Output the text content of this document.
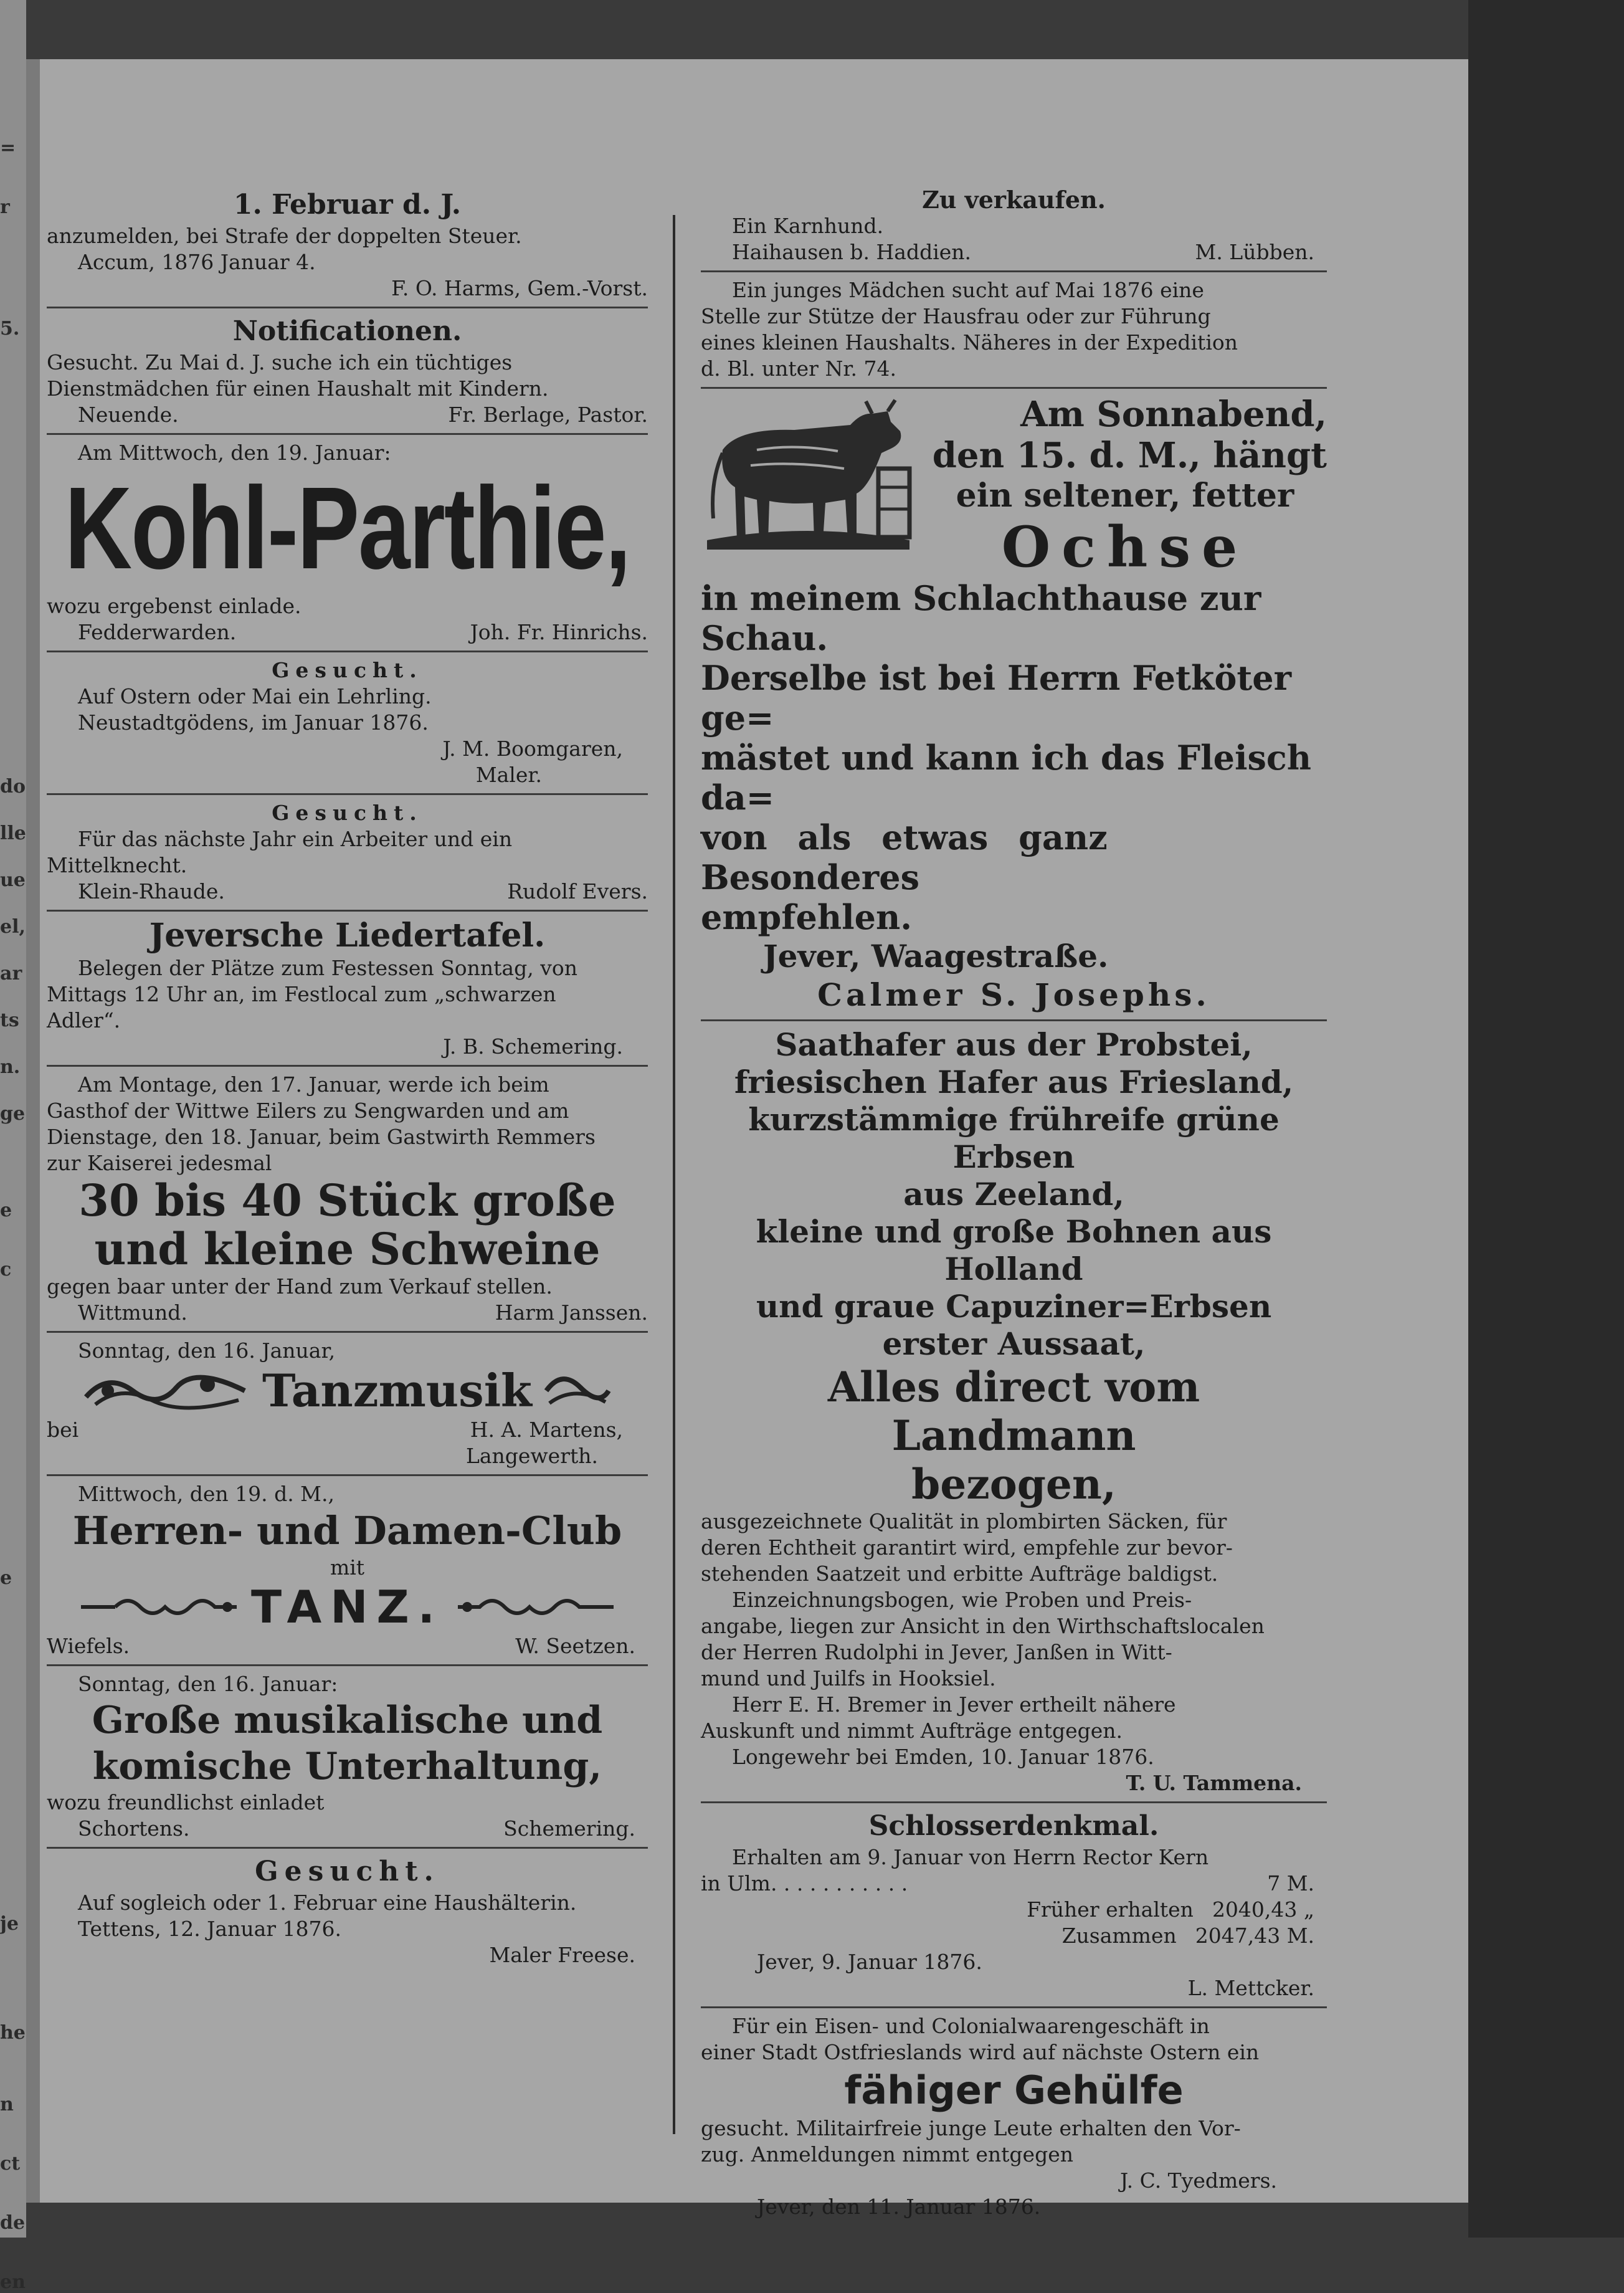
=
r
5.
do
lle
ue
el,
ar
ts
n.
ge
e
c
e
je
he
n
ct
de
en
1. Februar d. J.
anzumelden, bei Strafe der doppelten Steuer.
Accum, 1876 Januar 4.
F. O. Harms, Gem.-Vorst.
Notificationen.
Gesucht. Zu Mai d. J. suche ich ein tüchtiges
Dienstmädchen für einen Haushalt mit Kindern.
Neuende.	Fr. Berlage, Pastor.
Am Mittwoch, den 19. Januar:
Kohl-Parthie,
wozu ergebenst einlade.
Fedderwarden.	Joh. Fr. Hinrichs.
Gesucht.
Auf Ostern oder Mai ein Lehrling.
Neustadtgödens, im Januar 1876.
J. M. Boomgaren,
Maler.
Gesucht.
Für das nächste Jahr ein Arbeiter und ein
Mittelknecht.
Klein-Rhaude.	Rudolf Evers.
Jeversche Liedertafel.
Belegen der Plätze zum Festessen Sonntag, von
Mittags 12 Uhr an, im Festlocal zum „schwarzen
Adler“.
J. B. Schemering.
Am Montage, den 17. Januar, werde ich beim
Gasthof der Wittwe Eilers zu Sengwarden und am
Dienstage, den 18. Januar, beim Gastwirth Remmers
zur Kaiserei jedesmal
30 bis 40 Stück große
und kleine Schweine
gegen baar unter der Hand zum Verkauf stellen.
Wittmund.	Harm Janssen.
Sonntag, den 16. Januar,
Tanzmusik
bei	H. A. Martens,
Langewerth.
Mittwoch, den 19. d. M.,
Herren- und Damen-Club
mit
TANZ.
Wiefels.	W. Seetzen.
Sonntag, den 16. Januar:
Große musikalische und
komische Unterhaltung,
wozu freundlichst einladet
Schortens.	Schemering.
Gesucht.
Auf sogleich oder 1. Februar eine Haushälterin.
Tettens, 12. Januar 1876.
Maler Freese.
Zu verkaufen.
Ein Karnhund.
Haihausen b. Haddien.	M. Lübben.
Ein junges Mädchen sucht auf Mai 1876 eine
Stelle zur Stütze der Hausfrau oder zur Führung
eines kleinen Haushalts. Näheres in der Expedition
d. Bl. unter Nr. 74.
Am Sonnabend,
den 15. d. M., hängt
ein seltener, fetter
Ochse
in meinem Schlachthause zur Schau.
Derselbe ist bei Herrn Fetköter ge=
mästet und kann ich das Fleisch da=
von als etwas ganz Besonderes
empfehlen.
Jever, Waagestraße.
Calmer S. Josephs.
Saathafer aus der Probstei,
friesischen Hafer aus Friesland,
kurzstämmige frühreife grüne Erbsen
aus Zeeland,
kleine und große Bohnen aus Holland
und graue Capuziner=Erbsen
erster Aussaat,
Alles direct vom Landmann
bezogen,
ausgezeichnete Qualität in plombirten Säcken, für
deren Echtheit garantirt wird, empfehle zur bevor-
stehenden Saatzeit und erbitte Aufträge baldigst.
Einzeichnungsbogen, wie Proben und Preis-
angabe, liegen zur Ansicht in den Wirthschaftslocalen
der Herren Rudolphi in Jever, Janßen in Witt-
mund und Juilfs in Hooksiel.
Herr E. H. Bremer in Jever ertheilt nähere
Auskunft und nimmt Aufträge entgegen.
Longewehr bei Emden, 10. Januar 1876.
T. U. Tammena.
Schlosserdenkmal.
Erhalten am 9. Januar von Herrn Rector Kern
in Ulm. . . . . . . . . . .	7 M.
Früher erhalten 2040,43 „
Zusammen 2047,43 M.
Jever, 9. Januar 1876.
L. Mettcker.
Für ein Eisen- und Colonialwaarengeschäft in
einer Stadt Ostfrieslands wird auf nächste Ostern ein
fähiger Gehülfe
gesucht. Militairfreie junge Leute erhalten den Vor-
zug. Anmeldungen nimmt entgegen
J. C. Tyedmers.
Jever, den 11. Januar 1876.
